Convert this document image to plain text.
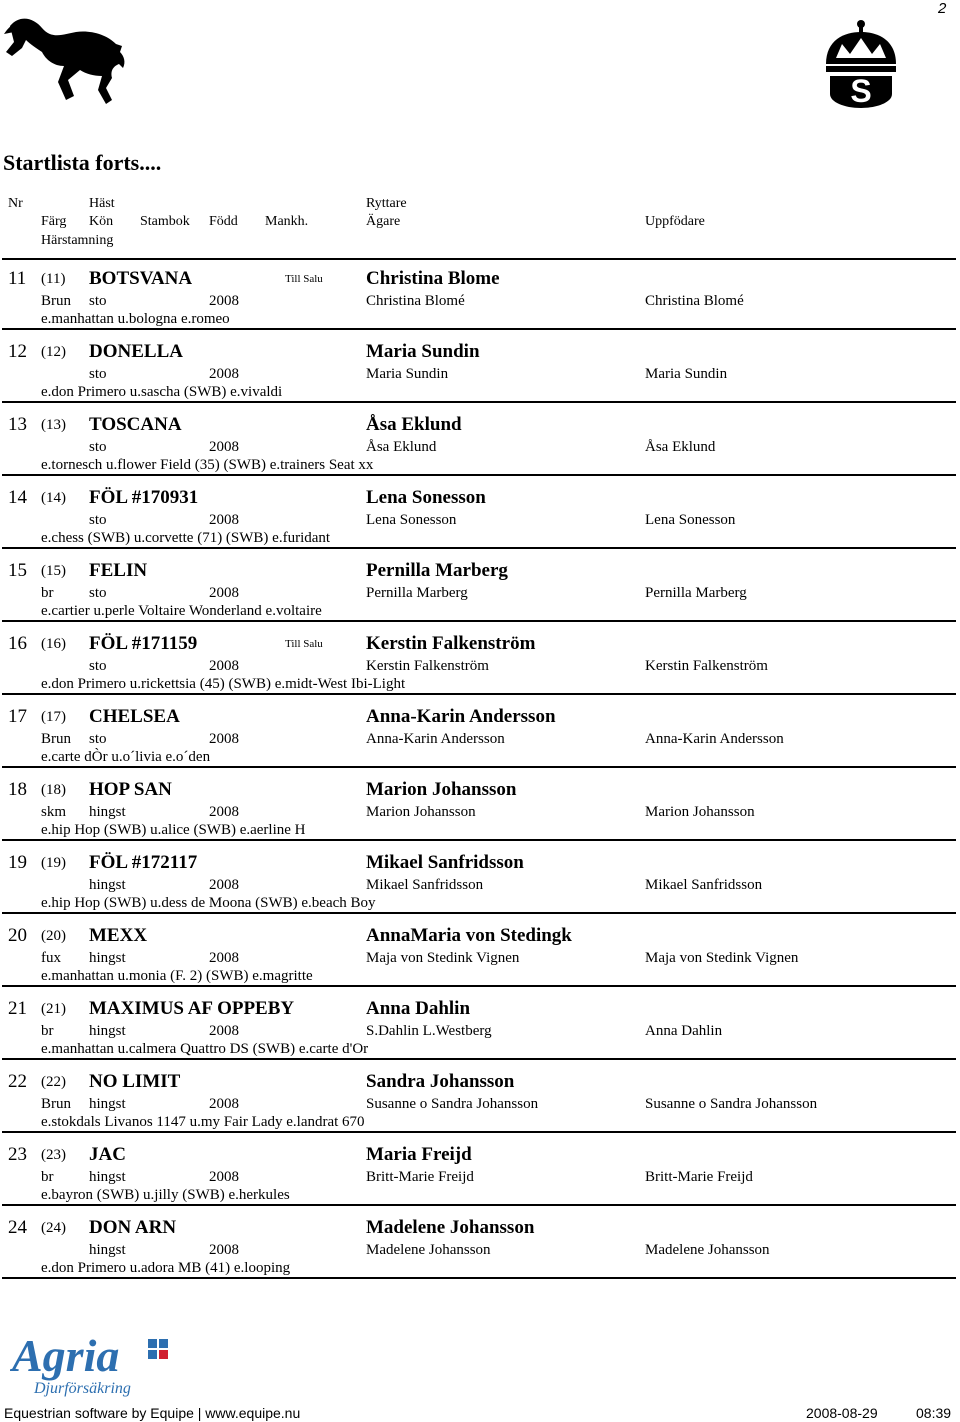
2
S
Startlista forts....
Nr	Häst	Ryttare
Färg Kön Stambok Född Mankh.	Ägare	Uppfödare
Härstamning
11 (11) BOTSVANA	Till Salu Christina Blome
Brun sto	2008	Christina Blomé	Christina Blomé
e.manhattan u.bologna e.romeo
12 (12) DONELLA	Maria Sundin
sto	2008	Maria Sundin	Maria Sundin
e.don Primero u.sascha (SWB) e.vivaldi
13 (13) TOSCANA	Åsa Eklund
sto	2008	Åsa Eklund	Åsa Eklund
e.tornesch u.flower Field (35) (SWB) e.trainers Seat xx
14 (14) FÖL #170931	Lena Sonesson
sto	2008	Lena Sonesson	Lena Sonesson
e.chess (SWB) u.corvette (71) (SWB) e.furidant
15 (15) FELIN	Pernilla Marberg
br sto	2008	Pernilla Marberg	Pernilla Marberg
e.cartier u.perle Voltaire Wonderland e.voltaire
16 (16) FÖL #171159	Till Salu Kerstin Falkenström
sto	2008	Kerstin Falkenström	Kerstin Falkenström
e.don Primero u.rickettsia (45) (SWB) e.midt-West Ibi-Light
17 (17) CHELSEA	Anna-Karin Andersson
Brun sto	2008	Anna-Karin Andersson	Anna-Karin Andersson
e.carte dÒr u.o´livia e.o´den
18 (18) HOP SAN	Marion Johansson
skm hingst	2008	Marion Johansson	Marion Johansson
e.hip Hop (SWB) u.alice (SWB) e.aerline H
19 (19) FÖL #172117	Mikael Sanfridsson
hingst	2008	Mikael Sanfridsson	Mikael Sanfridsson
e.hip Hop (SWB) u.dess de Moona (SWB) e.beach Boy
20 (20) MEXX	AnnaMaria von Stedingk
fux hingst	2008	Maja von Stedink Vignen	Maja von Stedink Vignen
e.manhattan u.monia (F. 2) (SWB) e.magritte
21 (21) MAXIMUS AF OPPEBY	Anna Dahlin
br hingst	2008	S.Dahlin L.Westberg	Anna Dahlin
e.manhattan u.calmera Quattro DS (SWB) e.carte d'Or
22 (22) NO LIMIT	Sandra Johansson
Brun hingst	2008	Susanne o Sandra Johansson	Susanne o Sandra Johansson
e.stokdals Livanos 1147 u.my Fair Lady e.landrat 670
23 (23) JAC	Maria Freijd
br hingst	2008	Britt-Marie Freijd	Britt-Marie Freijd
e.bayron (SWB) u.jilly (SWB) e.herkules
24 (24) DON ARN	Madelene Johansson
hingst	2008	Madelene Johansson	Madelene Johansson
e.don Primero u.adora MB (41) e.looping
Agria
Djurförsäkring
Equestrian software by Equipe | www.equipe.nu	2008-08-29	08:39
